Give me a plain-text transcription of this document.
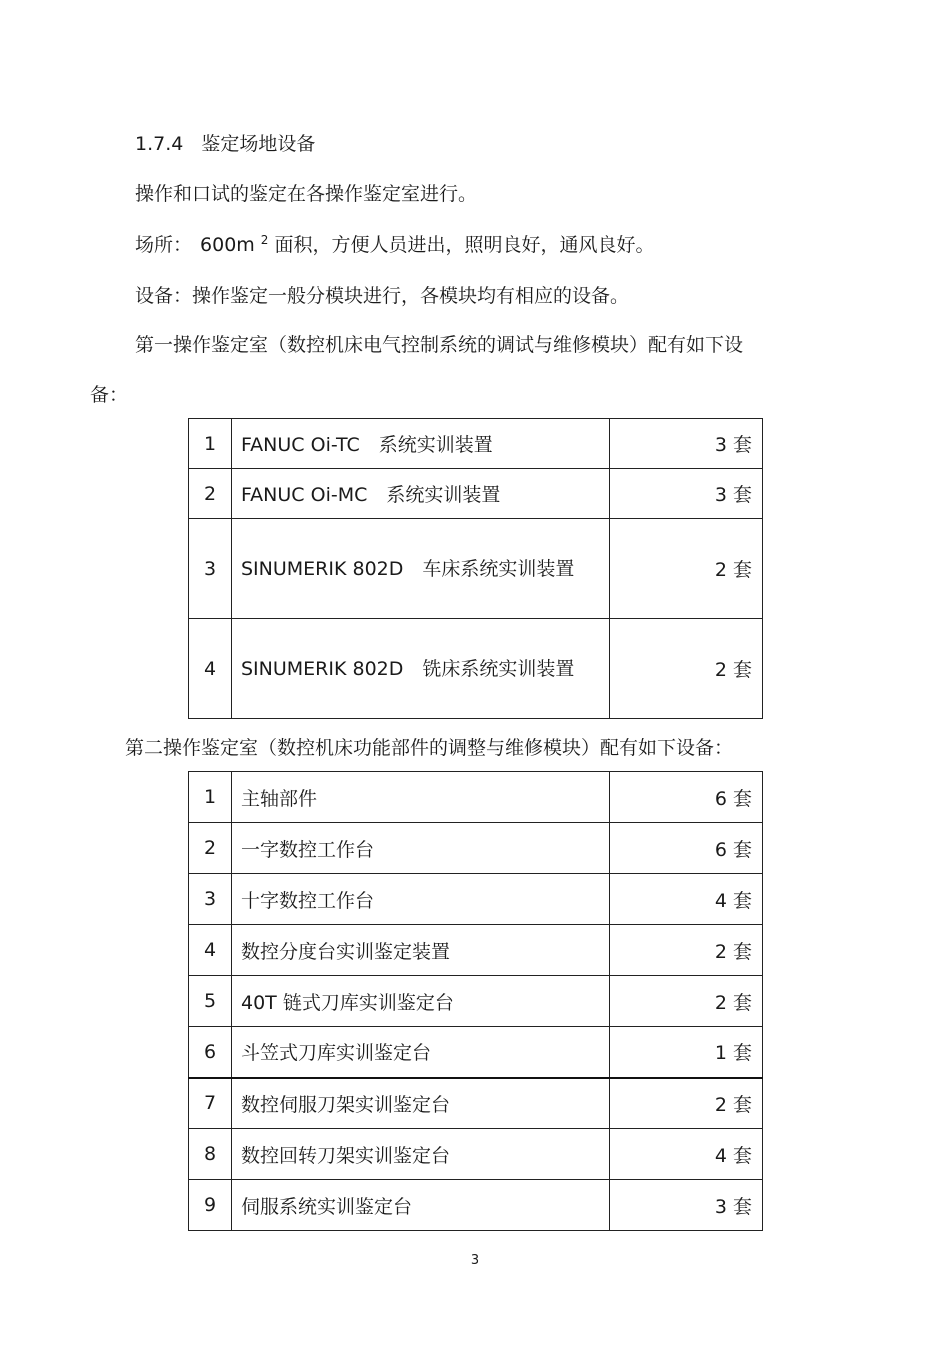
1.7.4 鉴定场地设备
操作和口试的鉴定在各操作鉴定室进行。
场所： 600m $^2$ 面积，方便人员进出，照明良好，通风良好。
设备：操作鉴定一般分模块进行，各模块均有相应的设备。
第一操作鉴定室（数控机床电气控制系统的调试与维修模块）配有如下设
备：
1	FANUC Oi-TC　系统实训装置	3 套
2	FANUC Oi-MC　系统实训装置	3 套
3	SINUMERIK 802D　车床系统实训装置	2 套
4	SINUMERIK 802D　铣床系统实训装置	2 套
第二操作鉴定室（数控机床功能部件的调整与维修模块）配有如下设备：
1	主轴部件	6 套
2	一字数控工作台	6 套
3	十字数控工作台	4 套
4	数控分度台实训鉴定装置	2 套
5	40T 链式刀库实训鉴定台	2 套
6	斗笠式刀库实训鉴定台	1 套
7	数控伺服刀架实训鉴定台	2 套
8	数控回转刀架实训鉴定台	4 套
9	伺服系统实训鉴定台	3 套
3
